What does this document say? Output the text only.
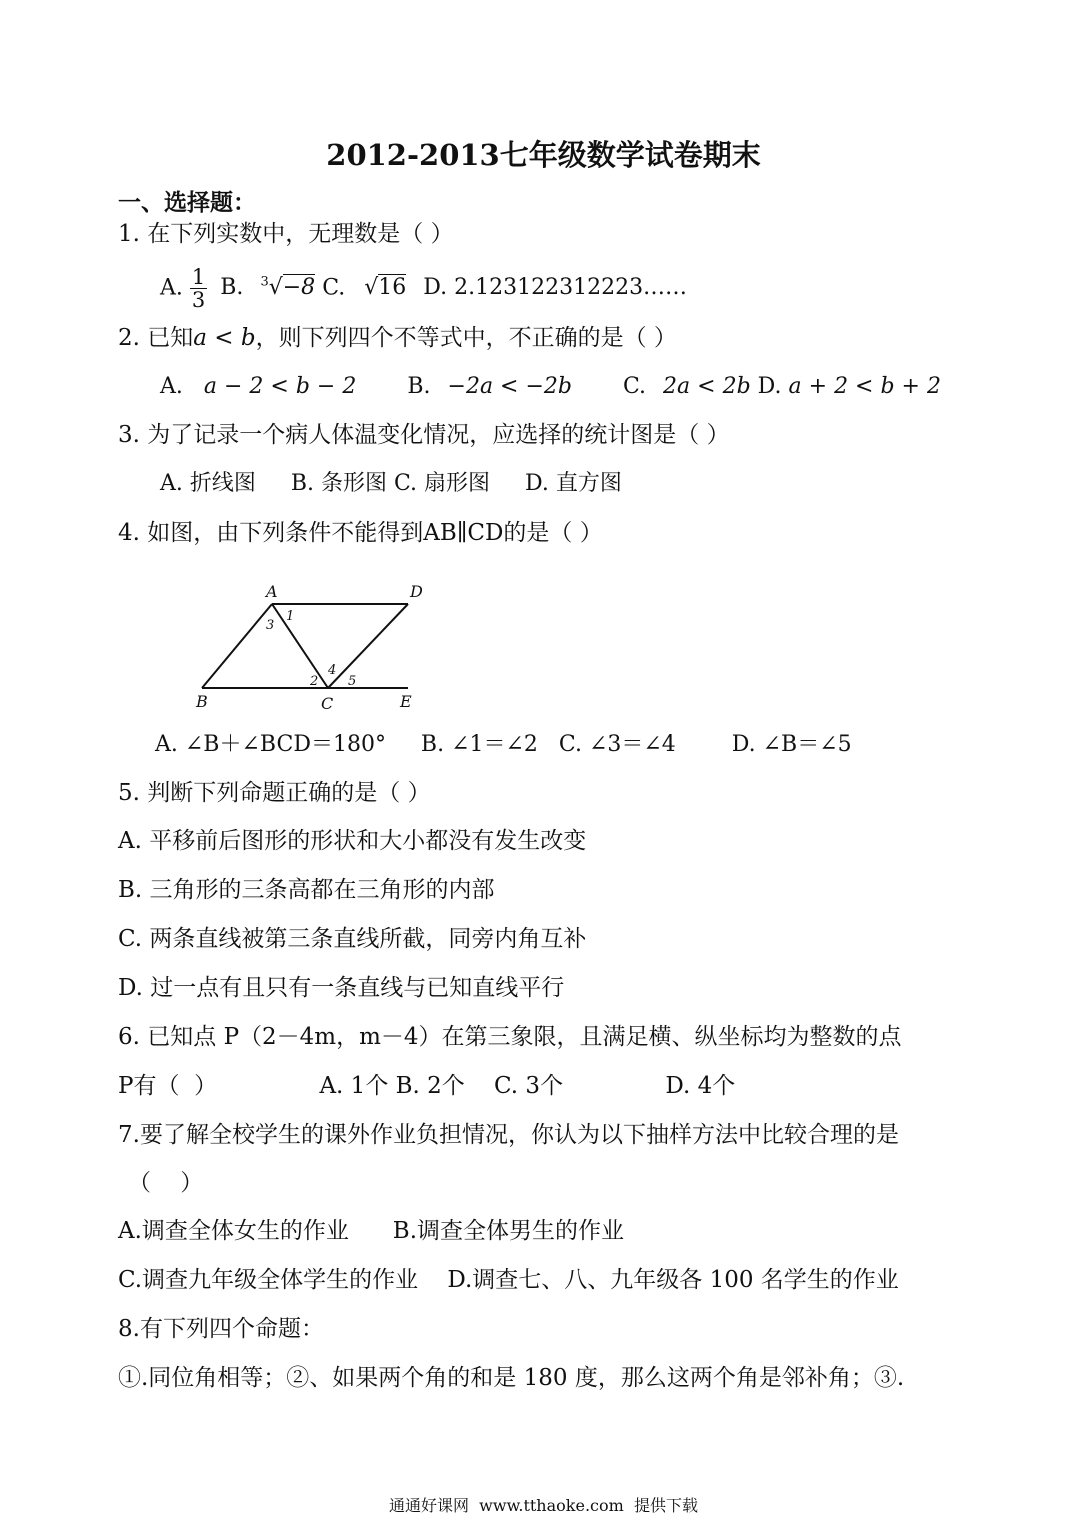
2012-2013七年级数学试卷期末
一、选择题：
1. 在下列实数中，无理数是（ ）
A. $\frac{1}{3} B$. $^3$√−8 C. √16 D. 2.123122312223……
2. 已知a < b，则下列四个不等式中，不正确的是（ ）
A. a − 2 < b − 2 B. −2a < −2b C. 2a < 2b D. a + 2 < b + 2
3. 为了记录一个病人体温变化情况，应选择的统计图是（ ）
A. 折线图     B. 条形图 C. 扇形图     D. 直方图
4. 如图，由下列条件不能得到AB∥CD的是（ ）
A	D
B	C	E
1
3
2
4
5
A. ∠B＋∠BCD＝180°     B. ∠1＝∠2   C. ∠3＝∠4        D. ∠B＝∠5
5. 判断下列命题正确的是（ ）
A. 平移前后图形的形状和大小都没有发生改变
B. 三角形的三条高都在三角形的内部
C. 两条直线被第三条直线所截，同旁内角互补
D. 过一点有且只有一条直线与已知直线平行
6. 已知点 P（2－4m，m－4）在第三象限，且满足横、纵坐标均为整数的点
P有（  ）              A. 1个 B. 2个    C. 3个              D. 4个
7.要了解全校学生的课外作业负担情况，你认为以下抽样方法中比较合理的是
（    ）
A.调查全体女生的作业      B.调查全体男生的作业
C.调查九年级全体学生的作业    D.调查七、八、九年级各 100 名学生的作业
8.有下列四个命题：
①.同位角相等；②、如果两个角的和是 180 度，那么这两个角是邻补角；③.
通通好课网  www.tthaoke.com  提供下载
